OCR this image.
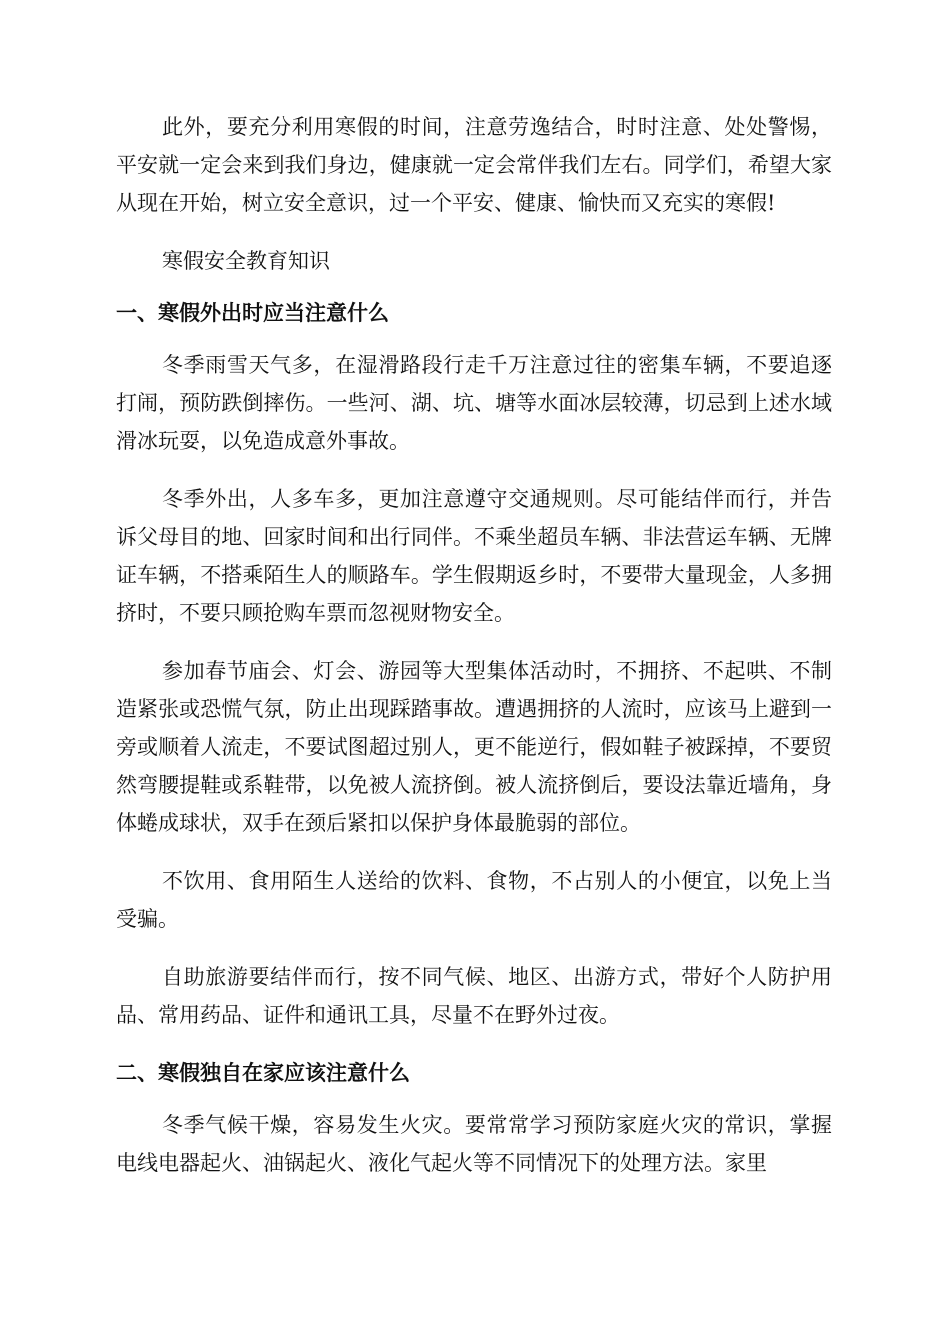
此外，要充分利用寒假的时间，注意劳逸结合，时时注意、处处警惕，平安就一定会来到我们身边，健康就一定会常伴我们左右。同学们，希望大家从现在开始，树立安全意识，过一个平安、健康、愉快而又充实的寒假!

寒假安全教育知识

一、寒假外出时应当注意什么

冬季雨雪天气多，在湿滑路段行走千万注意过往的密集车辆，不要追逐打闹，预防跌倒摔伤。一些河、湖、坑、塘等水面冰层较薄，切忌到上述水域滑冰玩耍，以免造成意外事故。

冬季外出，人多车多，更加注意遵守交通规则。尽可能结伴而行，并告诉父母目的地、回家时间和出行同伴。不乘坐超员车辆、非法营运车辆、无牌证车辆，不搭乘陌生人的顺路车。学生假期返乡时，不要带大量现金，人多拥挤时，不要只顾抢购车票而忽视财物安全。

参加春节庙会、灯会、游园等大型集体活动时，不拥挤、不起哄、不制造紧张或恐慌气氛，防止出现踩踏事故。遭遇拥挤的人流时，应该马上避到一旁或顺着人流走，不要试图超过别人，更不能逆行，假如鞋子被踩掉，不要贸然弯腰提鞋或系鞋带，以免被人流挤倒。被人流挤倒后，要设法靠近墙角，身体蜷成球状，双手在颈后紧扣以保护身体最脆弱的部位。

不饮用、食用陌生人送给的饮料、食物，不占别人的小便宜，以免上当受骗。

自助旅游要结伴而行，按不同气候、地区、出游方式，带好个人防护用品、常用药品、证件和通讯工具，尽量不在野外过夜。

二、寒假独自在家应该注意什么

冬季气候干燥，容易发生火灾。要常常学习预防家庭火灾的常识，掌握电线电器起火、油锅起火、液化气起火等不同情况下的处理方法。家里
